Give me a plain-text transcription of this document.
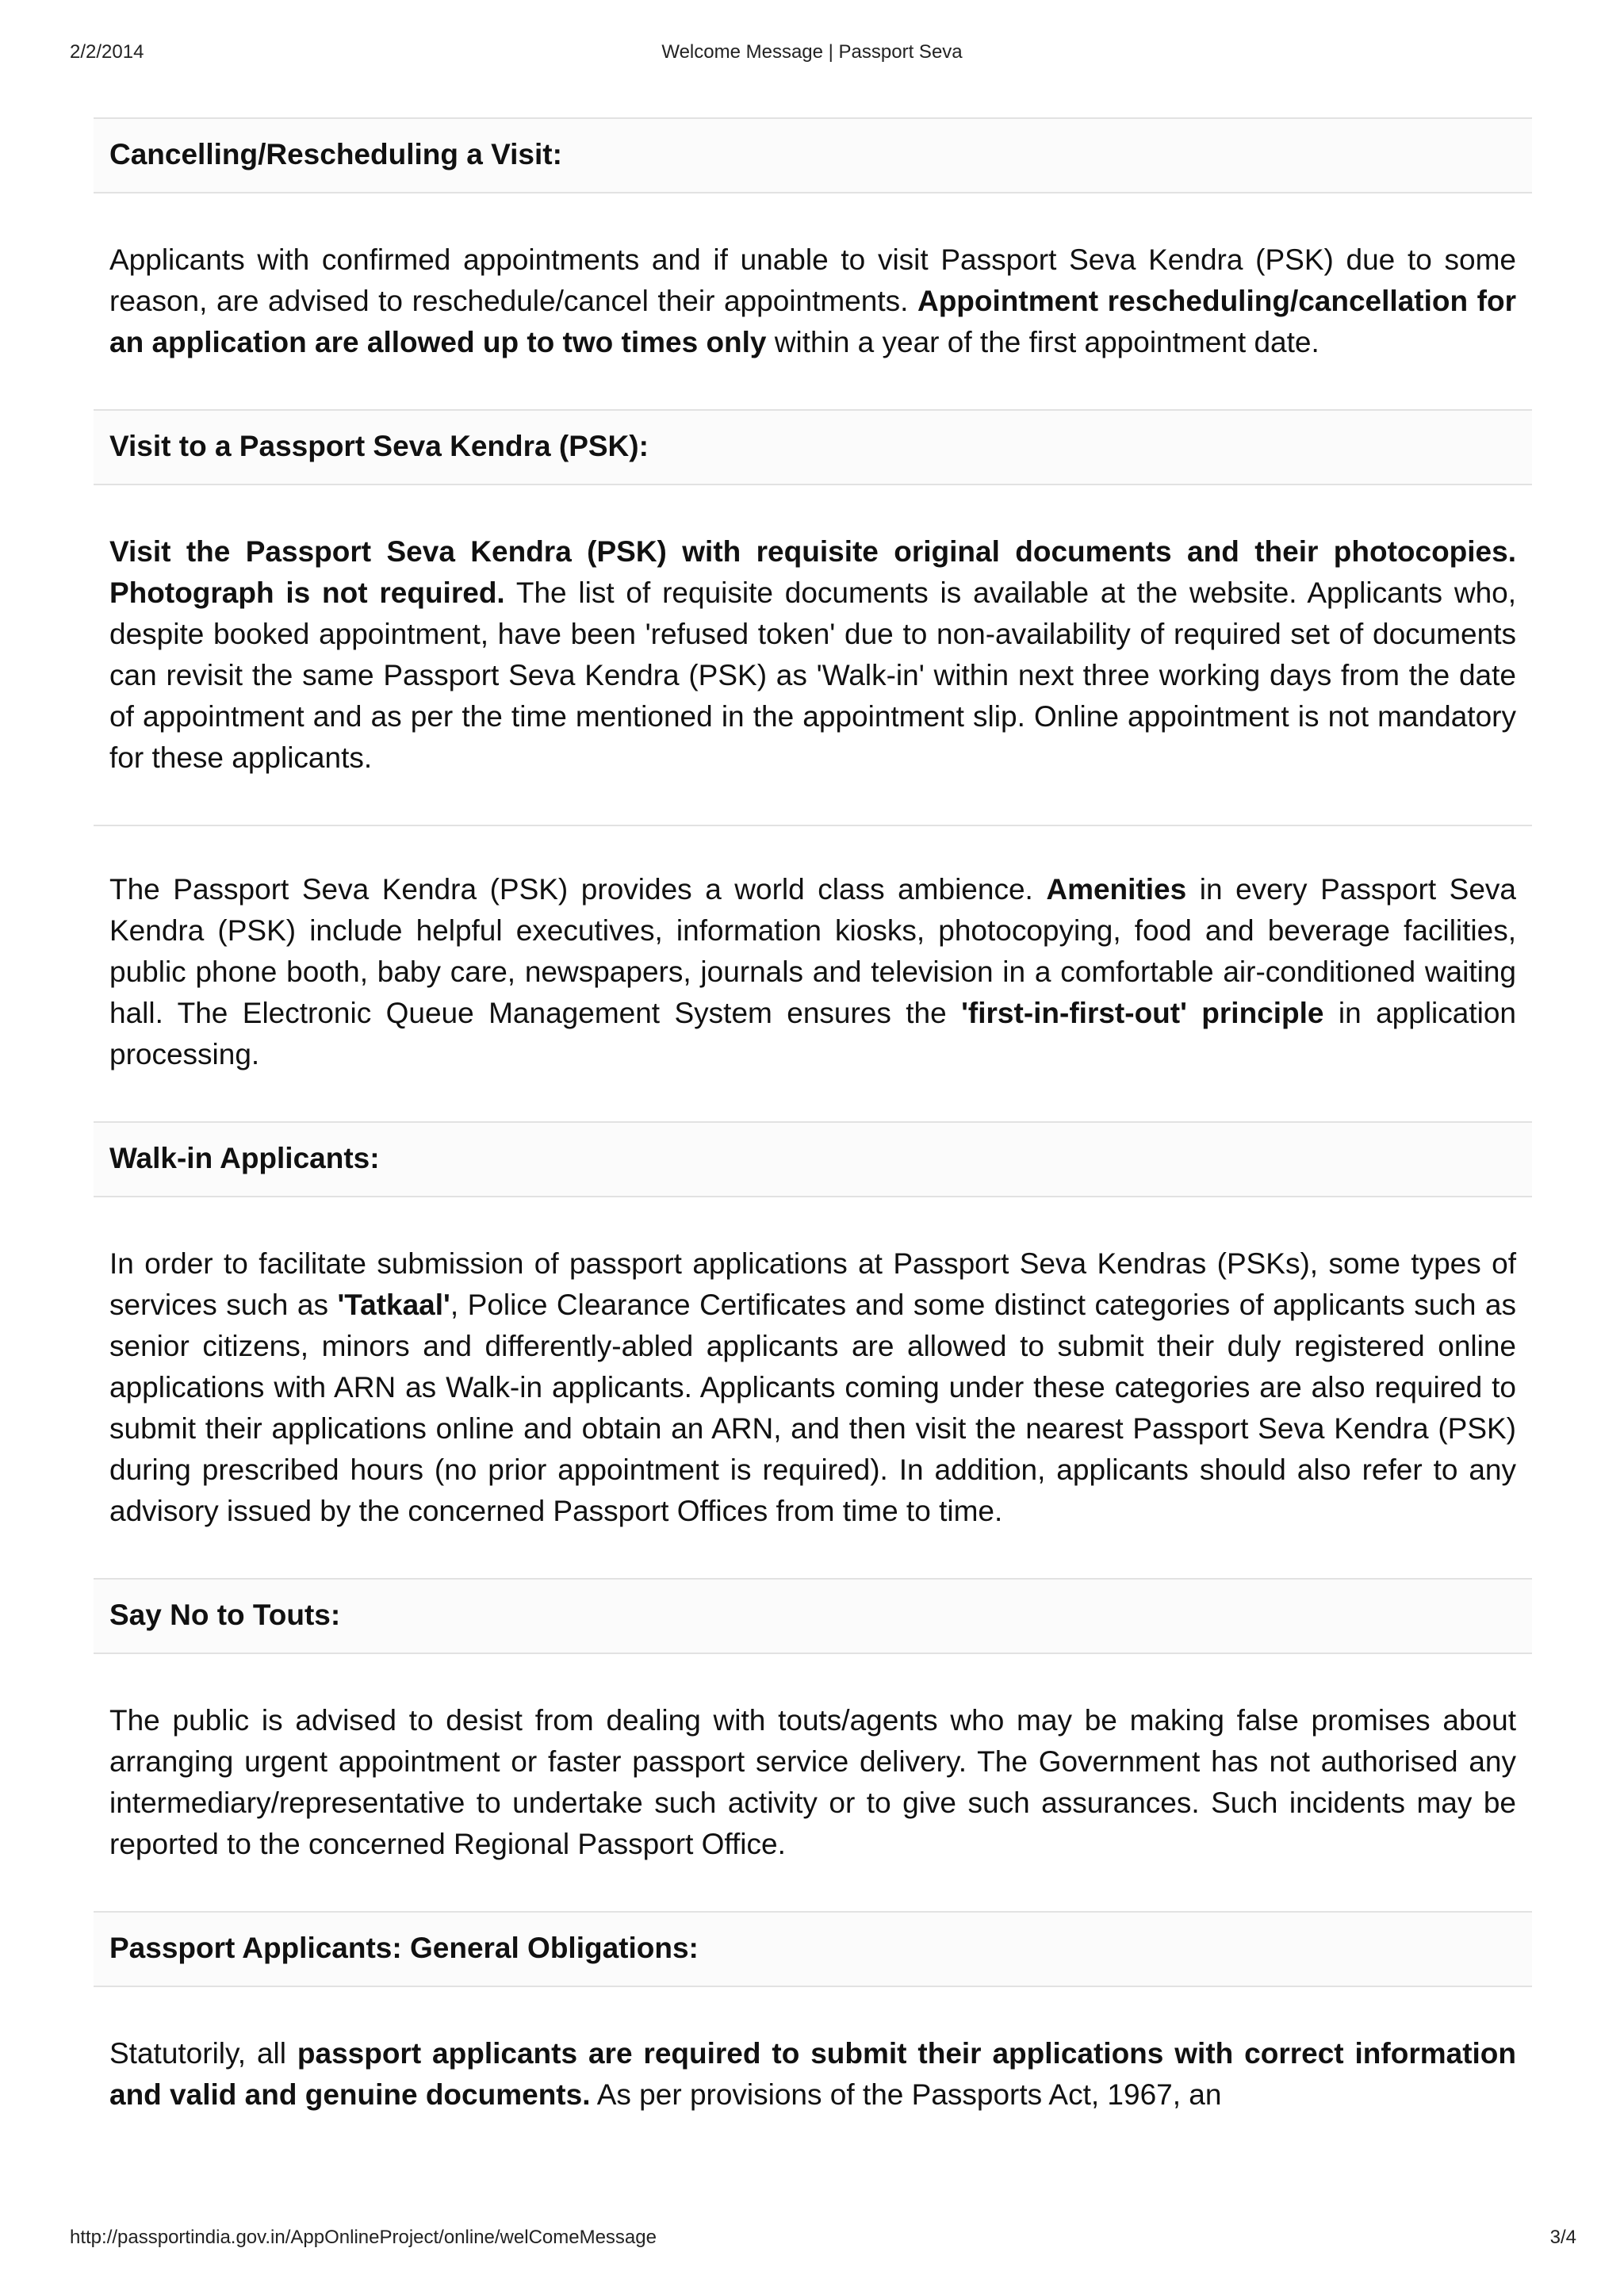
2/2/2014	Welcome Message | Passport Seva
Cancelling/Rescheduling a Visit:

Applicants with confirmed appointments and if unable to visit Passport Seva Kendra (PSK) due to some reason, are advised to reschedule/cancel their appointments. Appointment rescheduling/cancellation for an application are allowed up to two times only within a year of the first appointment date.

Visit to a Passport Seva Kendra (PSK):

Visit the Passport Seva Kendra (PSK) with requisite original documents and their photocopies. Photograph is not required. The list of requisite documents is available at the website. Applicants who, despite booked appointment, have been 'refused token' due to non-availability of required set of documents can revisit the same Passport Seva Kendra (PSK) as 'Walk-in' within next three working days from the date of appointment and as per the time mentioned in the appointment slip. Online appointment is not mandatory for these applicants.

The Passport Seva Kendra (PSK) provides a world class ambience. Amenities in every Passport Seva Kendra (PSK) include helpful executives, information kiosks, photocopying, food and beverage facilities, public phone booth, baby care, newspapers, journals and television in a comfortable air-conditioned waiting hall. The Electronic Queue Management System ensures the 'first-in-first-out' principle in application processing.

Walk-in Applicants:

In order to facilitate submission of passport applications at Passport Seva Kendras (PSKs), some types of services such as 'Tatkaal', Police Clearance Certificates and some distinct categories of applicants such as senior citizens, minors and differently-abled applicants are allowed to submit their duly registered online applications with ARN as Walk-in applicants. Applicants coming under these categories are also required to submit their applications online and obtain an ARN, and then visit the nearest Passport Seva Kendra (PSK) during prescribed hours (no prior appointment is required). In addition, applicants should also refer to any advisory issued by the concerned Passport Offices from time to time.

Say No to Touts:

The public is advised to desist from dealing with touts/agents who may be making false promises about arranging urgent appointment or faster passport service delivery. The Government has not authorised any intermediary/representative to undertake such activity or to give such assurances. Such incidents may be reported to the concerned Regional Passport Office.

Passport Applicants: General Obligations:

Statutorily, all passport applicants are required to submit their applications with correct information and valid and genuine documents. As per provisions of the Passports Act, 1967, an

http://passportindia.gov.in/AppOnlineProject/online/welComeMessage	3/4
